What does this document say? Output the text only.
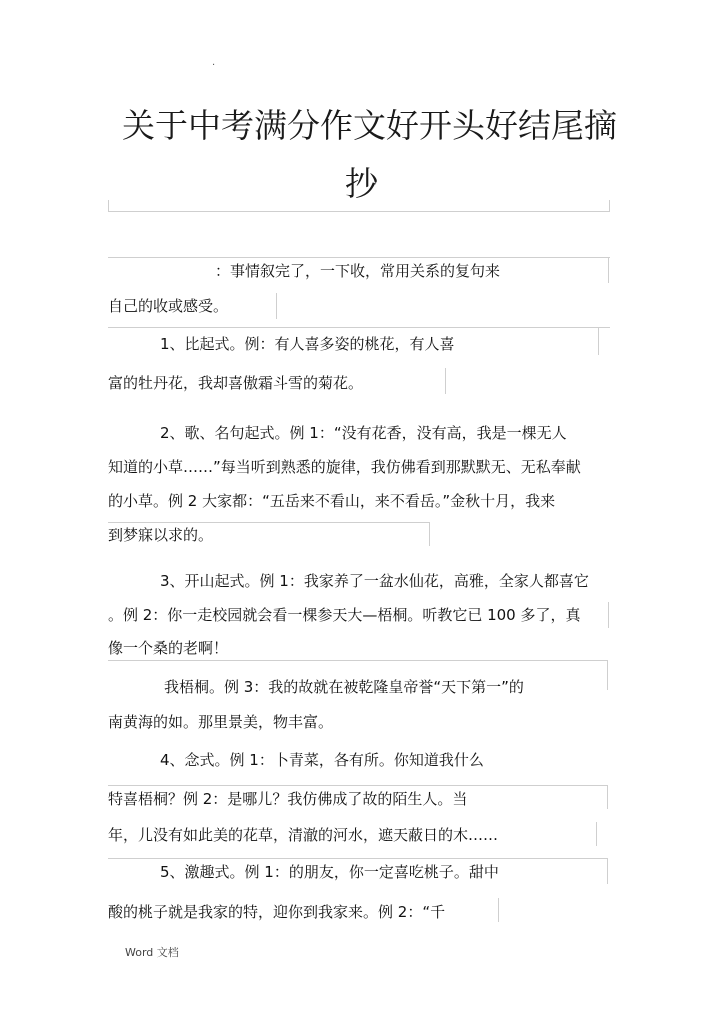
·
关于中考满分作文好开头好结尾摘
抄
：事情叙完了，一下收，常用关系的复句来
自己的收或感受。
1、比起式。例：有人喜多姿的桃花，有人喜
富的牡丹花，我却喜傲霜斗雪的菊花。
2、歌、名句起式。例 1：“没有花香，没有高，我是一棵无人
知道的小草……”每当听到熟悉的旋律，我仿佛看到那默默无、无私奉献
的小草。例 2 大家都：“五岳来不看山，来不看岳。”金秋十月，我来
到梦寐以求的。
3、开山起式。例 1：我家养了一盆水仙花，高雅，全家人都喜它
。例 2：你一走校园就会看一棵参天大—梧桐。听教它已 100 多了，真
像一个桑的老啊！
我梧桐。例 3：我的故就在被乾隆皇帝誉“天下第一”的
南黄海的如。那里景美，物丰富。
4、念式。例 1：卜青菜，各有所。你知道我什么
特喜梧桐？例 2：是哪儿？我仿佛成了故的陌生人。当
年，儿没有如此美的花草，清澈的河水，遮天蔽日的木……
5、激趣式。例 1：的朋友，你一定喜吃桃子。甜中
酸的桃子就是我家的特，迎你到我家来。例 2：“千
Word 文档
